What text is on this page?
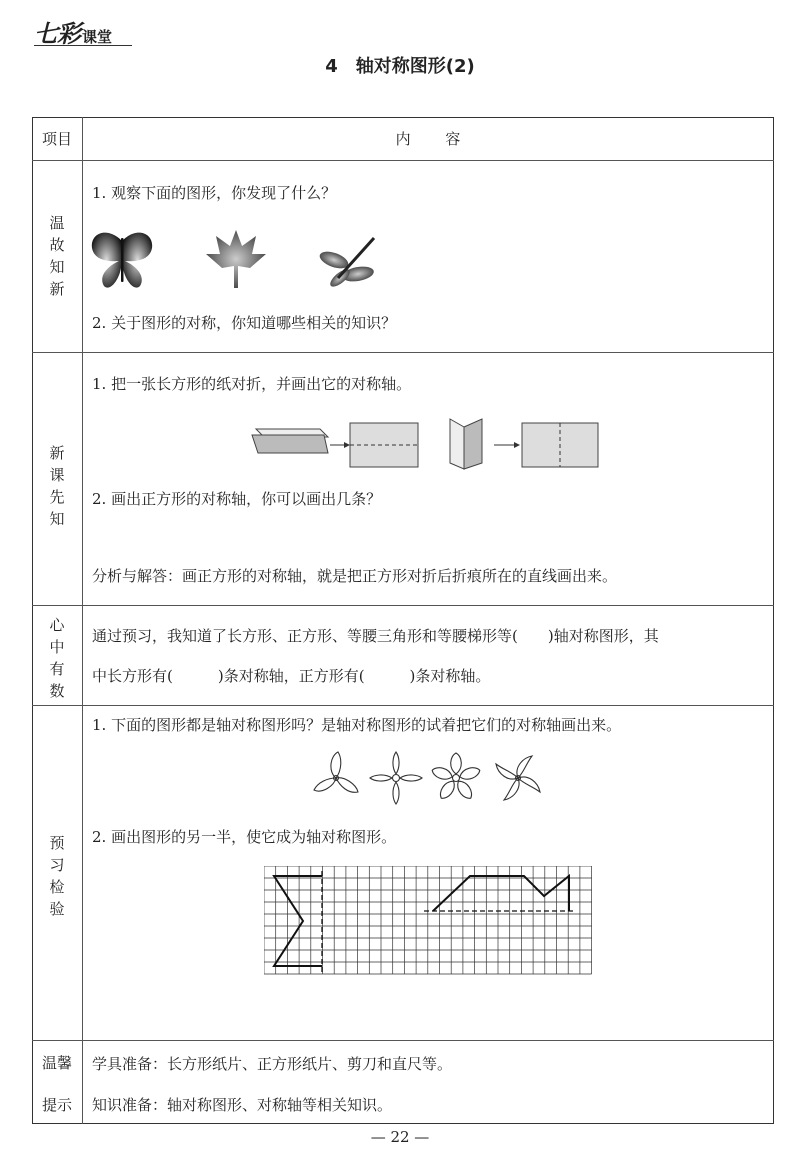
七彩 课堂
4 轴对称图形(2)
项目	内 容
温故知新
1. 观察下面的图形，你发现了什么？
2. 关于图形的对称，你知道哪些相关的知识？
新课先知
1. 把一张长方形的纸对折，并画出它的对称轴。
2. 画出正方形的对称轴，你可以画出几条？
分析与解答：画正方形的对称轴，就是把正方形对折后折痕所在的直线画出来。
心中有数
通过预习，我知道了长方形、正方形、等腰三角形和等腰梯形等(　　)轴对称图形，其
中长方形有(　　　)条对称轴，正方形有(　　　)条对称轴。
预习检验
1. 下面的图形都是轴对称图形吗？是轴对称图形的试着把它们的对称轴画出来。
2. 画出图形的另一半，使它成为轴对称图形。
温馨
提示
学具准备：长方形纸片、正方形纸片、剪刀和直尺等。
知识准备：轴对称图形、对称轴等相关知识。
— 22 —
